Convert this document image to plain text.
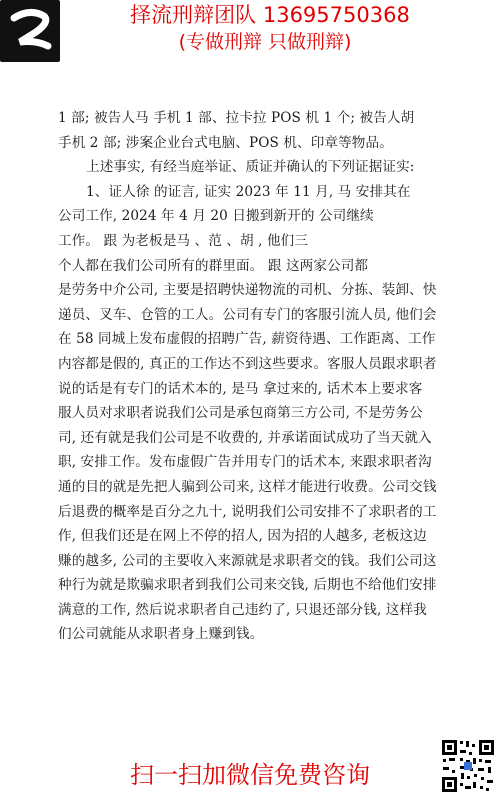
择流刑辩团队 13695750368
(专做刑辩 只做刑辩)

1 部; 被告人马 手机 1 部、拉卡拉 POS 机 1 个; 被告人胡

手机 2 部; 涉案企业台式电脑、POS 机、印章等物品。

上述事实, 有经当庭举证、质证并确认的下列证据证实:

1、证人徐 的证言, 证实 2023 年 11 月, 马 安排其在

公司工作, 2024 年 4 月 20 日搬到新开的 公司继续

工作。 跟 为老板是马 、范 、胡 , 他们三

个人都在我们公司所有的群里面。 跟 这两家公司都

是劳务中介公司, 主要是招聘快递物流的司机、分拣、装卸、快

递员、叉车、仓管的工人。公司有专门的客服引流人员, 他们会

在 58 同城上发布虚假的招聘广告, 薪资待遇、工作距离、工作

内容都是假的, 真正的工作达不到这些要求。客服人员跟求职者

说的话是有专门的话术本的, 是马 拿过来的, 话术本上要求客

服人员对求职者说我们公司是承包商第三方公司, 不是劳务公

司, 还有就是我们公司是不收费的, 并承诺面试成功了当天就入

职, 安排工作。发布虚假广告并用专门的话术本, 来跟求职者沟

通的目的就是先把人骗到公司来, 这样才能进行收费。公司交钱

后退费的概率是百分之九十, 说明我们公司安排不了求职者的工

作, 但我们还是在网上不停的招人, 因为招的人越多, 老板这边

赚的越多, 公司的主要收入来源就是求职者交的钱。我们公司这

种行为就是欺骗求职者到我们公司来交钱, 后期也不给他们安排

满意的工作, 然后说求职者自己违约了, 只退还部分钱, 这样我

们公司就能从求职者身上赚到钱。

扫一扫加微信免费咨询
